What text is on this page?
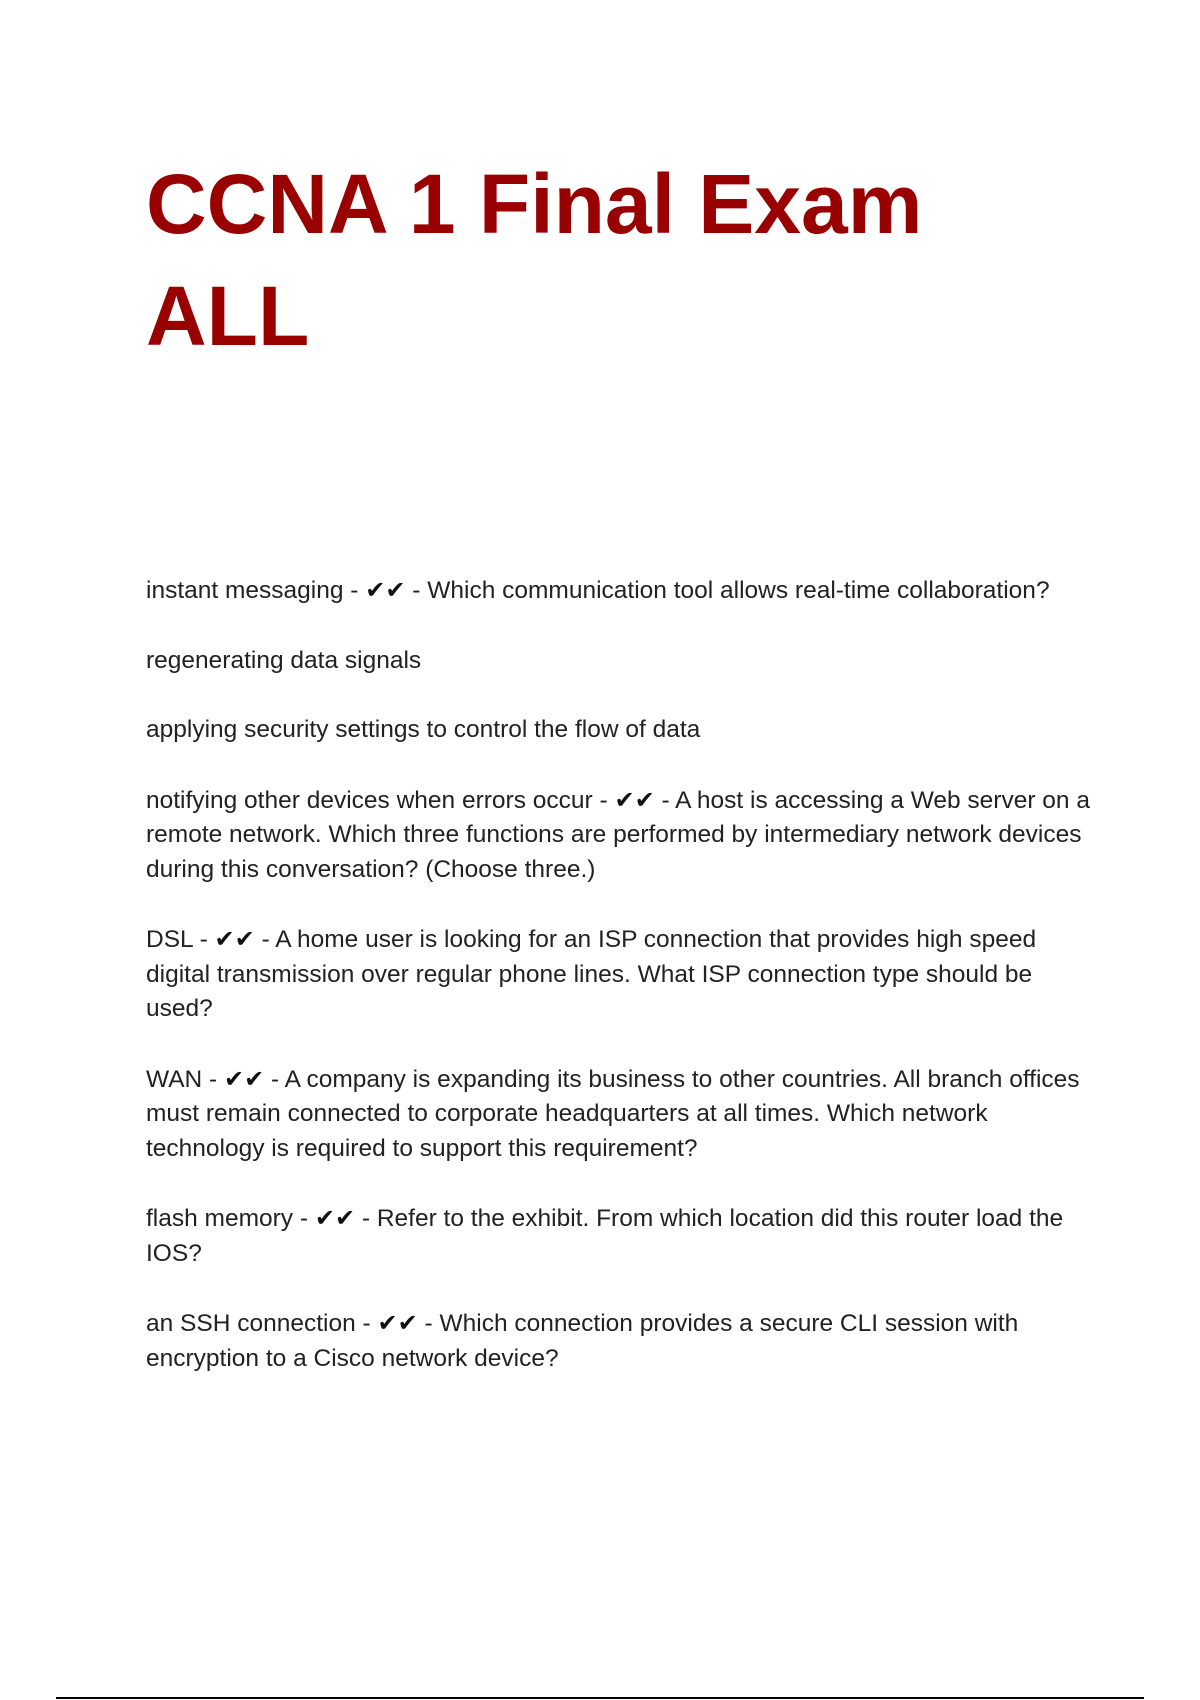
CCNA 1 Final Exam
ALL

instant messaging - ✔✔ - Which communication tool allows real-time collaboration?

regenerating data signals

applying security settings to control the flow of data

notifying other devices when errors occur - ✔✔ - A host is accessing a Web server on a remote network. Which three functions are performed by intermediary network devices during this conversation? (Choose three.)

DSL - ✔✔ - A home user is looking for an ISP connection that provides high speed digital transmission over regular phone lines. What ISP connection type should be used?

WAN - ✔✔ - A company is expanding its business to other countries. All branch offices must remain connected to corporate headquarters at all times. Which network technology is required to support this requirement?

flash memory - ✔✔ - Refer to the exhibit. From which location did this router load the IOS?

an SSH connection - ✔✔ - Which connection provides a secure CLI session with encryption to a Cisco network device?
